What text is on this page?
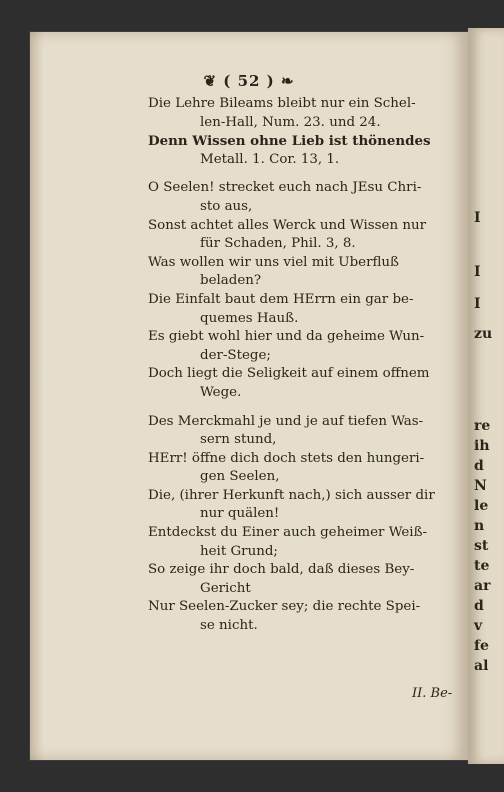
❦ ( 52 ) ❧
Die Lehre Bileams bleibt nur ein Schel-
len-Hall, Num. 23. und 24.
Denn Wissen ohne Lieb ist thönendes
Metall. 1. Cor. 13, 1.
O Seelen! strecket euch nach JEsu Chri-
sto aus,
Sonst achtet alles Werck und Wissen nur
für Schaden, Phil. 3, 8.
Was wollen wir uns viel mit Uberfluß
beladen?
Die Einfalt baut dem HErrn ein gar be-
quemes Hauß.
Es giebt wohl hier und da geheime Wun-
der-Stege;
Doch liegt die Seligkeit auf einem offnem
Wege.
Des Merckmahl je und je auf tiefen Was-
sern stund,
HErr! öffne dich doch stets den hungeri-
gen Seelen,
Die, (ihrer Herkunft nach,) sich ausser dir
nur quälen!
Entdeckst du Einer auch geheimer Weiß-
heit Grund;
So zeige ihr doch bald, daß dieses Bey-
Gericht
Nur Seelen-Zucker sey; die rechte Spei-
se nicht.
II. Be-
I
I
I
zu
re
ih
d
N
le
n
st
te
ar
d
v
fe
al
